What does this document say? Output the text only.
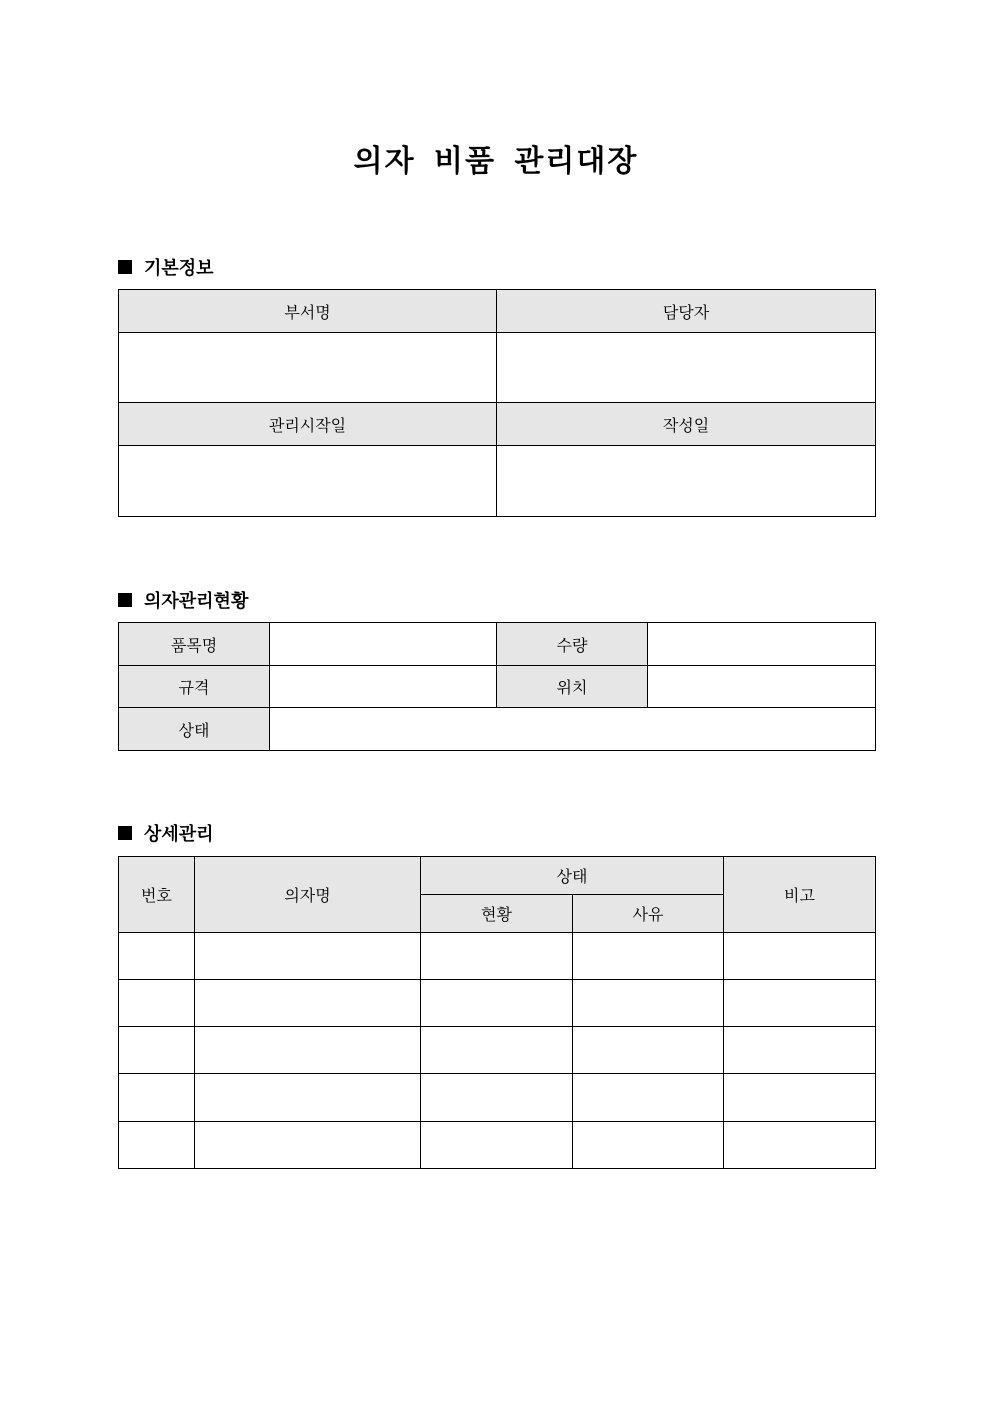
의자 비품 관리대장
기본정보
부서명	담당자

관리시작일	작성일

의자관리현황
품목명		수량	
규격		위치	
상태			
상세관리
번호	의자명	상태		비고
		현황	사유	
